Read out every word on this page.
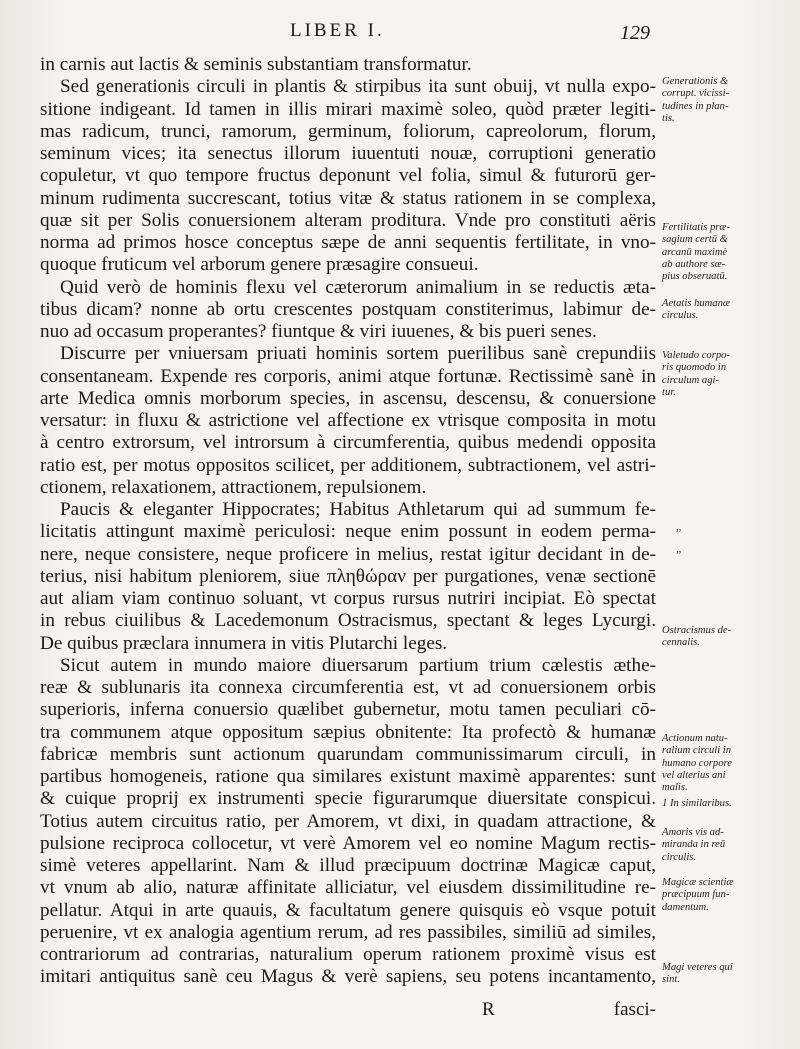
LIBER I.	129
in carnis aut lactis & seminis substantiam transformatur.
Sed generationis circuli in plantis & stirpibus ita sunt obuij, vt nulla expo-
sitione indigeant. Id tamen in illis mirari maximè soleo, quòd præter legiti-
mas radicum, trunci, ramorum, germinum, foliorum, capreolorum, florum,
seminum vices; ita senectus illorum iuuentuti nouæ, corruptioni generatio
copuletur, vt quo tempore fructus deponunt vel folia, simul & futurorū ger-
minum rudimenta succrescant, totius vitæ & status rationem in se complexa,
quæ sit per Solis conuersionem alteram proditura. Vnde pro constituti aëris
norma ad primos hosce conceptus sæpe de anni sequentis fertilitate, in vno-
quoque fruticum vel arborum genere præsagire consueui.
Quid verò de hominis flexu vel cæterorum animalium in se reductis æta-
tibus dicam? nonne ab ortu crescentes postquam constiterimus, labimur de-
nuo ad occasum properantes? fiuntque & viri iuuenes, & bis pueri senes.
Discurre per vniuersam priuati hominis sortem puerilibus sanè crepundiis
consentaneam. Expende res corporis, animi atque fortunæ. Rectissimè sanè in
arte Medica omnis morborum species, in ascensu, descensu, & conuersione
versatur: in fluxu & astrictione vel affectione ex vtrisque composita in motu
à centro extrorsum, vel introrsum à circumferentia, quibus medendi opposita
ratio est, per motus oppositos scilicet, per additionem, subtractionem, vel astri-
ctionem, relaxationem, attractionem, repulsionem.
Paucis & eleganter Hippocrates; Habitus Athletarum qui ad summum fe-
licitatis attingunt maximè periculosi: neque enim possunt in eodem perma-
nere, neque consistere, neque proficere in melius, restat igitur decidant in de-
terius, nisi habitum pleniorem, siue πληθώραν per purgationes, venæ sectionē
aut aliam viam continuo soluant, vt corpus rursus nutriri incipiat. Eò spectat
in rebus ciuilibus & Lacedemonum Ostracismus, spectant & leges Lycurgi.
De quibus præclara innumera in vitis Plutarchi leges.
Sicut autem in mundo maiore diuersarum partium trium cælestis æthe-
reæ & sublunaris ita connexa circumferentia est, vt ad conuersionem orbis
superioris, inferna conuersio quælibet gubernetur, motu tamen peculiari cō-
tra communem atque oppositum sæpius obnitente: Ita profectò & humanæ
fabricæ membris sunt actionum quarundam communissimarum circuli, in
partibus homogeneis, ratione qua similares existunt maximè apparentes: sunt
& cuique proprij ex instrumenti specie figurarumque diuersitate conspicui.
Totius autem circuitus ratio, per Amorem, vt dixi, in quadam attractione, &
pulsione reciproca collocetur, vt verè Amorem vel eo nomine Magum rectis-
simè veteres appellarint. Nam & illud præcipuum doctrinæ Magicæ caput,
vt vnum ab alio, naturæ affinitate alliciatur, vel eiusdem dissimilitudine re-
pellatur. Atqui in arte quauis, & facultatum genere quisquis eò vsque potuit
peruenire, vt ex analogia agentium rerum, ad res passibiles, similiū ad similes,
contrariorum ad contrarias, naturalium operum rationem proximè visus est
imitari antiquitus sanè ceu Magus & verè sapiens, seu potens incantamento,
„
„
Generationis &
corrupt. vicissi-
tudines in plan-
tis.
Fertilitatis præ-
sagium certū &
arcanū maximè
ab authore sæ-
pius obseruatū.
Aetatis humanæ
circulus.
Valetudo corpo-
ris quomodo in
circulum agi-
tur.
Ostracismus de-
cennalis.
Actionum natu-
ralium circuli in
humano corpore
vel alterius ani
malis.
1 In similaribus.
Amoris vis ad-
miranda in reū
circulis.
Magicæ scientiæ
præcipuum fun-
damentum.
Magi veteres qui
sint.
R	fasci-
